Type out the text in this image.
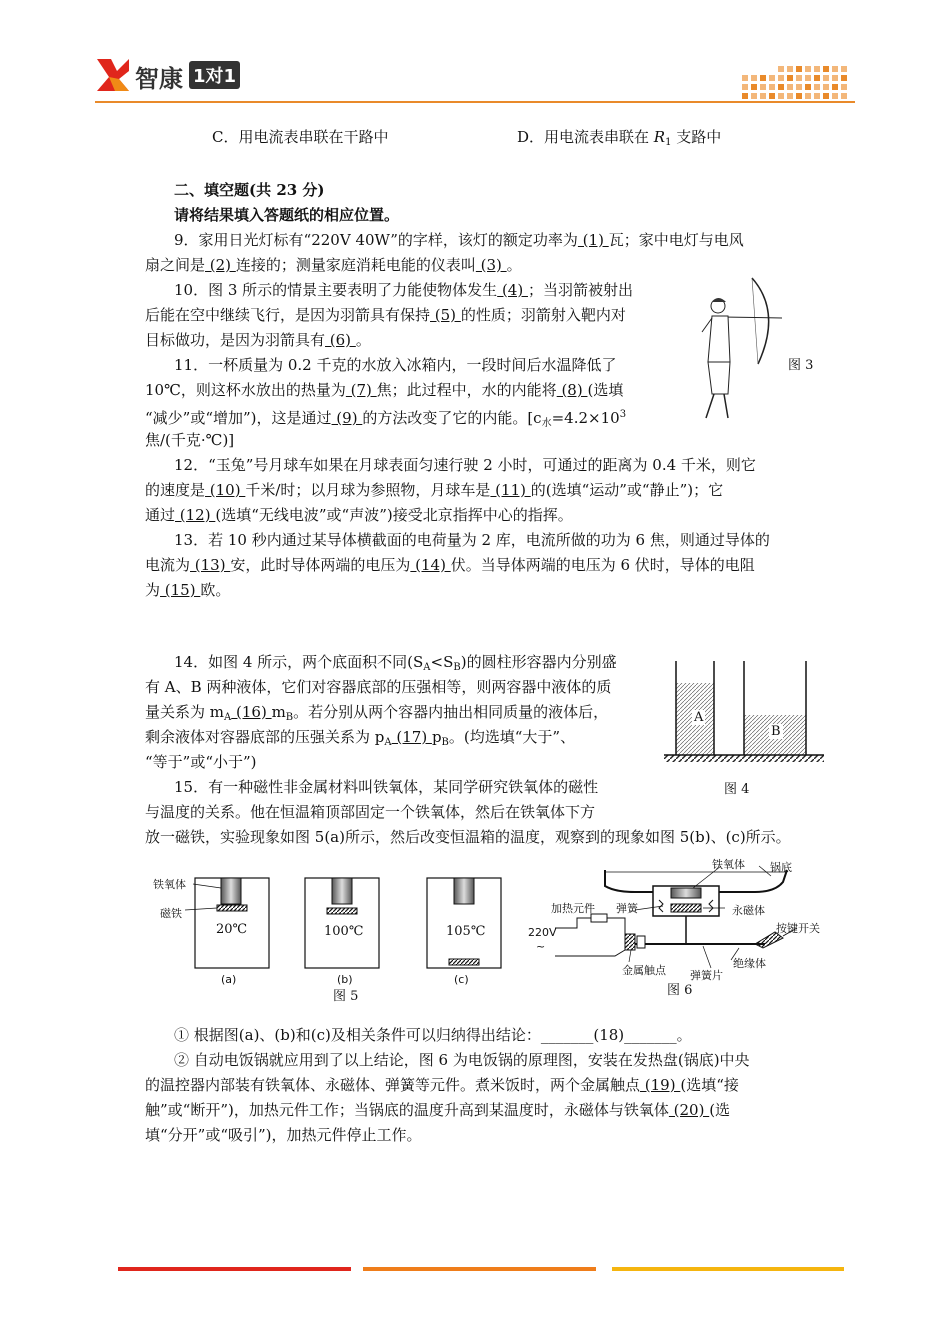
智康 1对1
C．用电流表串联在干路中	D．用电流表串联在 $R_1$ 支路中
二、填空题(共 23 分)
请将结果填入答题纸的相应位置。
9．家用日光灯标有“220V 40W”的字样，该灯的额定功率为 (1) 瓦；家中电灯与电风
扇之间是 (2) 连接的；测量家庭消耗电能的仪表叫 (3) 。
10．图 3 所示的情景主要表明了力能使物体发生 (4) ；当羽箭被射出
后能在空中继续飞行，是因为羽箭具有保持 (5) 的性质；羽箭射入靶内对
目标做功，是因为羽箭具有 (6) 。
11．一杯质量为 0.2 千克的水放入冰箱内，一段时间后水温降低了
10℃，则这杯水放出的热量为 (7) 焦；此过程中，水的内能将 (8) (选填
“减少”或“增加”)，这是通过 (9) 的方法改变了它的内能。[$c_水=4.2\times 10^3$
焦/(千克·℃)]
图 3
12．“玉兔”号月球车如果在月球表面匀速行驶 2 小时，可通过的距离为 0.4 千米，则它
的速度是 (10) 千米/时；以月球为参照物，月球车是 (11) 的(选填“运动”或“静止”)；它
通过 (12) (选填“无线电波”或“声波”)接受北京指挥中心的指挥。
13．若 10 秒内通过某导体横截面的电荷量为 2 库，电流所做的功为 6 焦，则通过导体的
电流为 (13) 安，此时导体两端的电压为 (14) 伏。当导体两端的电压为 6 伏时，导体的电阻
为 (15) 欧。
14．如图 4 所示，两个底面积不同$(S_A<S_B)$的圆柱形容器内分别盛
有 A、B 两种液体，它们对容器底部的压强相等，则两容器中液体的质
量关系为 $m_A$ (16) $m_B$。若分别从两个容器内抽出相同质量的液体后，
剩余液体对容器底部的压强关系为 $p_A$ (17) $p_B$。(均选填“大于”、
“等于”或“小于”)
A
B
图 4
15．有一种磁性非金属材料叫铁氧体，某同学研究铁氧体的磁性
与温度的关系。他在恒温箱顶部固定一个铁氧体，然后在铁氧体下方
放一磁铁，实验现象如图 5(a)所示，然后改变恒温箱的温度，观察到的现象如图 5(b)、(c)所示。
铁氧体
磁铁
20℃	100℃	105℃
(a)	(b)	(c)
图 5
铁氧体 锅底
加热元件 弹簧	永磁体
220V
~
按键开关
金属触点
绝缘体
弹簧片
图 6
① 根据图(a)、(b)和(c)及相关条件可以归纳得出结论：_______(18)_______。
② 自动电饭锅就应用到了以上结论，图 6 为电饭锅的原理图，安装在发热盘(锅底)中央
的温控器内部装有铁氧体、永磁体、弹簧等元件。煮米饭时，两个金属触点 (19) (选填“接
触”或“断开”)，加热元件工作；当锅底的温度升高到某温度时，永磁体与铁氧体 (20) (选
填“分开”或“吸引”)，加热元件停止工作。
